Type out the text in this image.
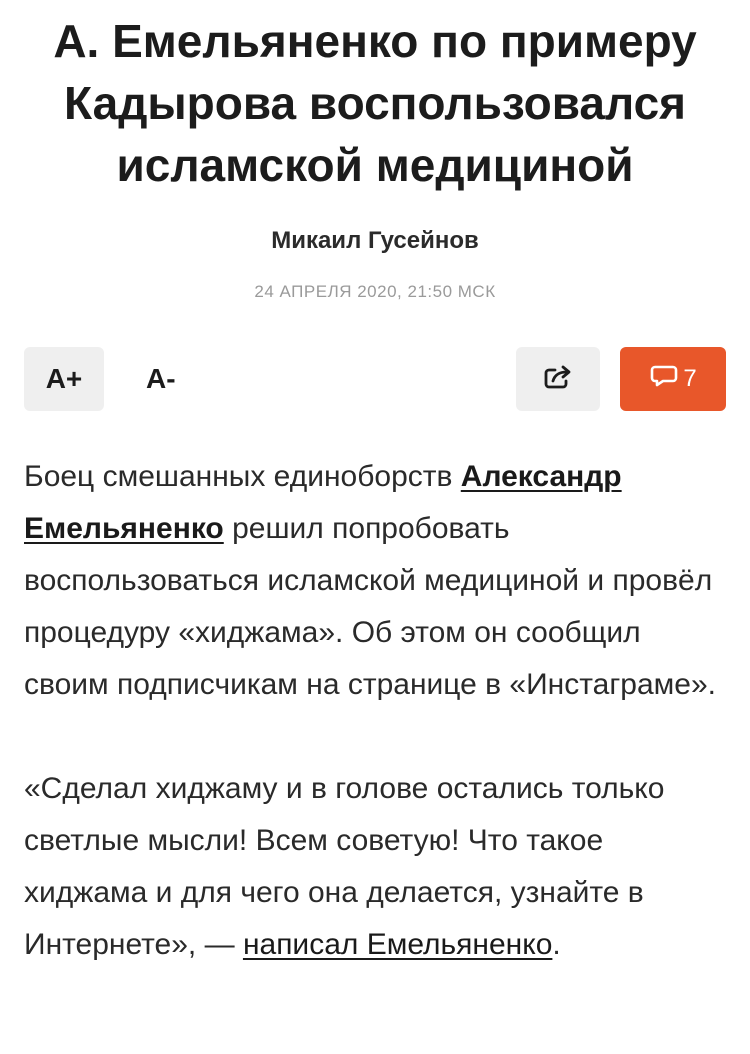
А. Емельяненко по примеру
Кадырова воспользовался
исламской медициной
Микаил Гусейнов
24 АПРЕЛЯ 2020, 21:50 МСК
A+ A-	7

Боец смешанных единоборств Александр Емельяненко решил попробовать воспользоваться исламской медициной и провёл процедуру «хиджама». Об этом он сообщил своим подписчикам на странице в «Инстаграме».

«Сделал хиджаму и в голове остались только светлые мысли! Всем советую! Что такое хиджама и для чего она делается, узнайте в Интернете», — написал Емельяненко.
